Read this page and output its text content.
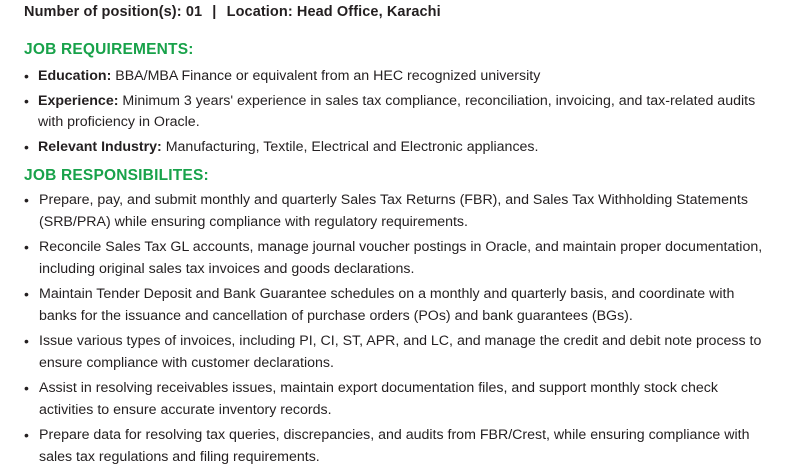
Number of position(s): 01 | Location: Head Office, Karachi
JOB REQUIREMENTS:
• Education: BBA/MBA Finance or equivalent from an HEC recognized university
• Experience: Minimum 3 years' experience in sales tax compliance, reconciliation, invoicing, and tax-related audits with proficiency in Oracle.
• Relevant Industry: Manufacturing, Textile, Electrical and Electronic appliances.
JOB RESPONSIBILITES:
• Prepare, pay, and submit monthly and quarterly Sales Tax Returns (FBR), and Sales Tax Withholding Statements (SRB/PRA) while ensuring compliance with regulatory requirements.
• Reconcile Sales Tax GL accounts, manage journal voucher postings in Oracle, and maintain proper documentation, including original sales tax invoices and goods declarations.
• Maintain Tender Deposit and Bank Guarantee schedules on a monthly and quarterly basis, and coordinate with banks for the issuance and cancellation of purchase orders (POs) and bank guarantees (BGs).
• Issue various types of invoices, including PI, CI, ST, APR, and LC, and manage the credit and debit note process to ensure compliance with customer declarations.
• Assist in resolving receivables issues, maintain export documentation files, and support monthly stock check activities to ensure accurate inventory records.
• Prepare data for resolving tax queries, discrepancies, and audits from FBR/Crest, while ensuring compliance with sales tax regulations and filing requirements.
